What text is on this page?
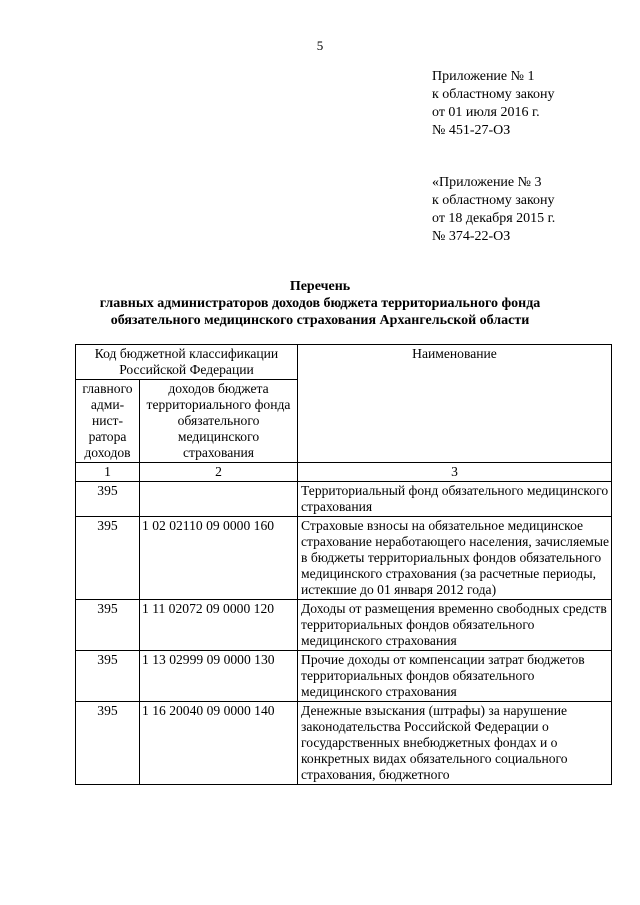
5
Приложение № 1
к областному закону
от 01 июля 2016 г.
№ 451-27-ОЗ
«Приложение № 3
к областному закону
от 18 декабря 2015 г.
№ 374-22-ОЗ
Перечень
главных администраторов доходов бюджета территориального фонда
обязательного медицинского страхования Архангельской области
Код бюджетной классификации Российской Федерации		Наименование
главного адми-нист-ратора доходов	доходов бюджета территориального фонда обязательного медицинского страхования	
1	2	3
395		Территориальный фонд обязательного медицинского страхования
395	1 02 02110 09 0000 160	Страховые взносы на обязательное медицинское страхование неработающего населения, зачисляемые в бюджеты территориальных фондов обязательного медицинского страхования (за расчетные периоды, истекшие до 01 января 2012 года)
395	1 11 02072 09 0000 120	Доходы от размещения временно свободных средств территориальных фондов обязательного медицинского страхования
395	1 13 02999 09 0000 130	Прочие доходы от компенсации затрат бюджетов территориальных фондов обязательного медицинского страхования
395	1 16 20040 09 0000 140	Денежные взыскания (штрафы) за нарушение законодательства Российской Федерации о государственных внебюджетных фондах и о конкретных видах обязательного социального страхования, бюджетного
